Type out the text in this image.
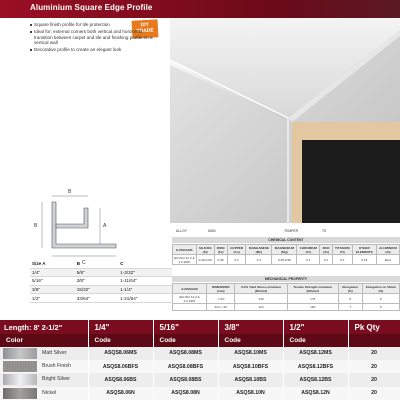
Aluminium Square Edge Profile
DIY
TRADE
Square finish profile for tile protection
Ideal for; external corners both vertical and horizontal, transition between carpet and tile and finishing profile on a vertical wall
Decorative profile to create an elegant look
B	A
B
C
Size A	B	C
1/4"	5/8"	1-3/32"
5/16"	3/8"	1-11/64"
3/8"	15/32"	1-1/4"
1/2"	33/64"	1-21/64"
ALLOY	6063	TEMPER	T5
CHEMICAL CONTENT
E-PADAGB	SILICON (Si)	IRON (Fe)	COPPER (Cu)	MANGANESE (Mn)	MAGNESIUM (Mg)	CHROMIUM (Cr)	ZINC (Zn)	TITANIUM (Ti)	OTHER ELEMENTS	ALUMINIUM (Al)
EN ISO 14 2 & 1.2.1997	0.20-0.60	0.35	0.1	0.1	0.45-0.90	0.1	0.1	0.1	0.15	Rem
MECHANICAL PROPERTY
E-PADAGB	DIMENSION (mm)	0.2% Yield Stress minimum (N/mm2)	Tensile Strength minimum (N/mm2)	Elongation (%)	Elongation on 50mm (%)
EN ISO 14 2 & 1.2.1997	<=10	130	175	8	6
	from >10	110	160	7	5
Length: 8' 2-1/2"	1/4"	5/16"	3/8"	1/2"	Pk Qty
Color	Code	Code	Code	Code	

Matt Silver	ASQS8.06MS	ASQS8.08MS	ASQS8.10MS	ASQS8.12MS	20

Brush Finish	ASQS8.06BFS	ASQS8.08BFS	ASQS8.10BFS	ASQS8.12BFS	20

Bright Silver	ASQS8.06BS	ASQS8.08BS	ASQS8.10BS	ASQS8.12BS	20

Nickel	ASQS8.06N	ASQS8.08N	ASQS8.10N	ASQS8.12N	20
